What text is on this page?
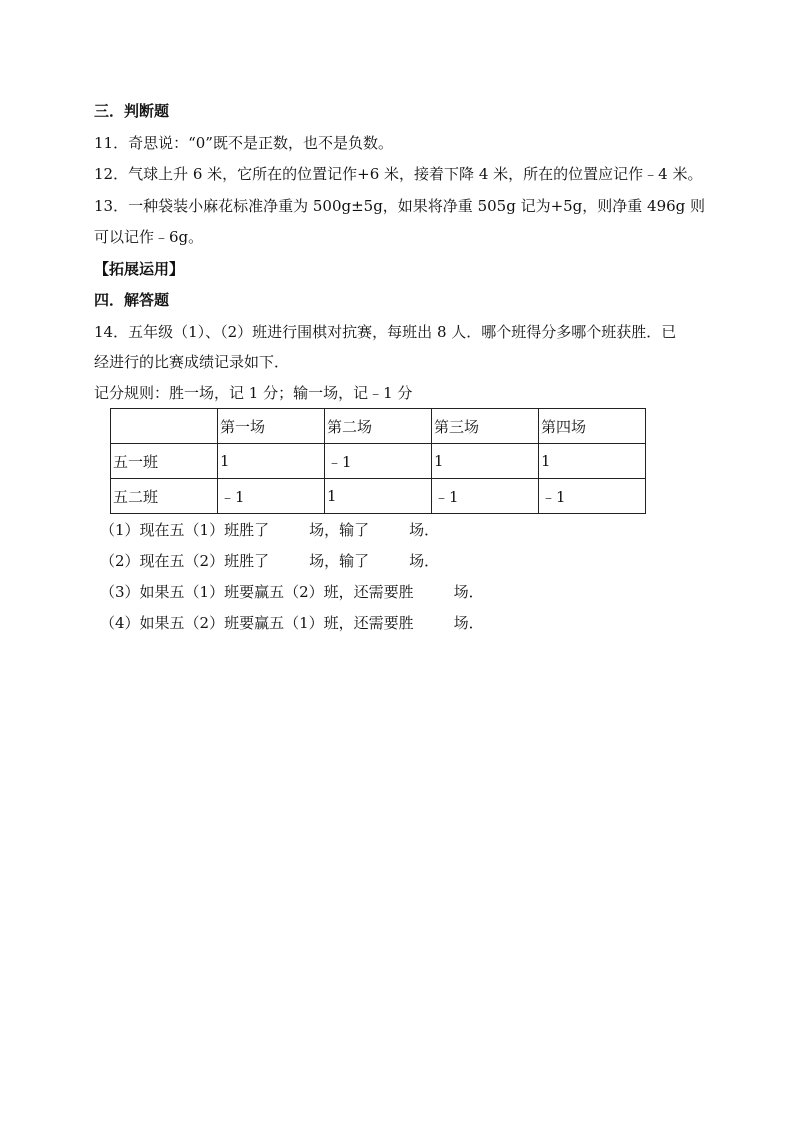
三．判断题
11．奇思说：“0”既不是正数，也不是负数。
12．气球上升 6 米，它所在的位置记作+6 米，接着下降 4 米，所在的位置应记作﹣4 米。
13．一种袋装小麻花标准净重为 500g±5g，如果将净重 505g 记为+5g，则净重 496g 则
可以记作﹣6g。
【拓展运用】
四．解答题
14．五年级（1）、（2）班进行围棋对抗赛，每班出 8 人．哪个班得分多哪个班获胜．已
经进行的比赛成绩记录如下．
记分规则：胜一场，记 1 分；输一场，记﹣1 分
	第一场	第二场	第三场	第四场
五一班	1	﹣1	1	1
五二班	﹣1	1	﹣1	﹣1
（1）现在五（1）班胜了	场，输了	场．
（2）现在五（2）班胜了	场，输了	场．
（3）如果五（1）班要赢五（2）班，还需要胜	场．
（4）如果五（2）班要赢五（1）班，还需要胜	场．
